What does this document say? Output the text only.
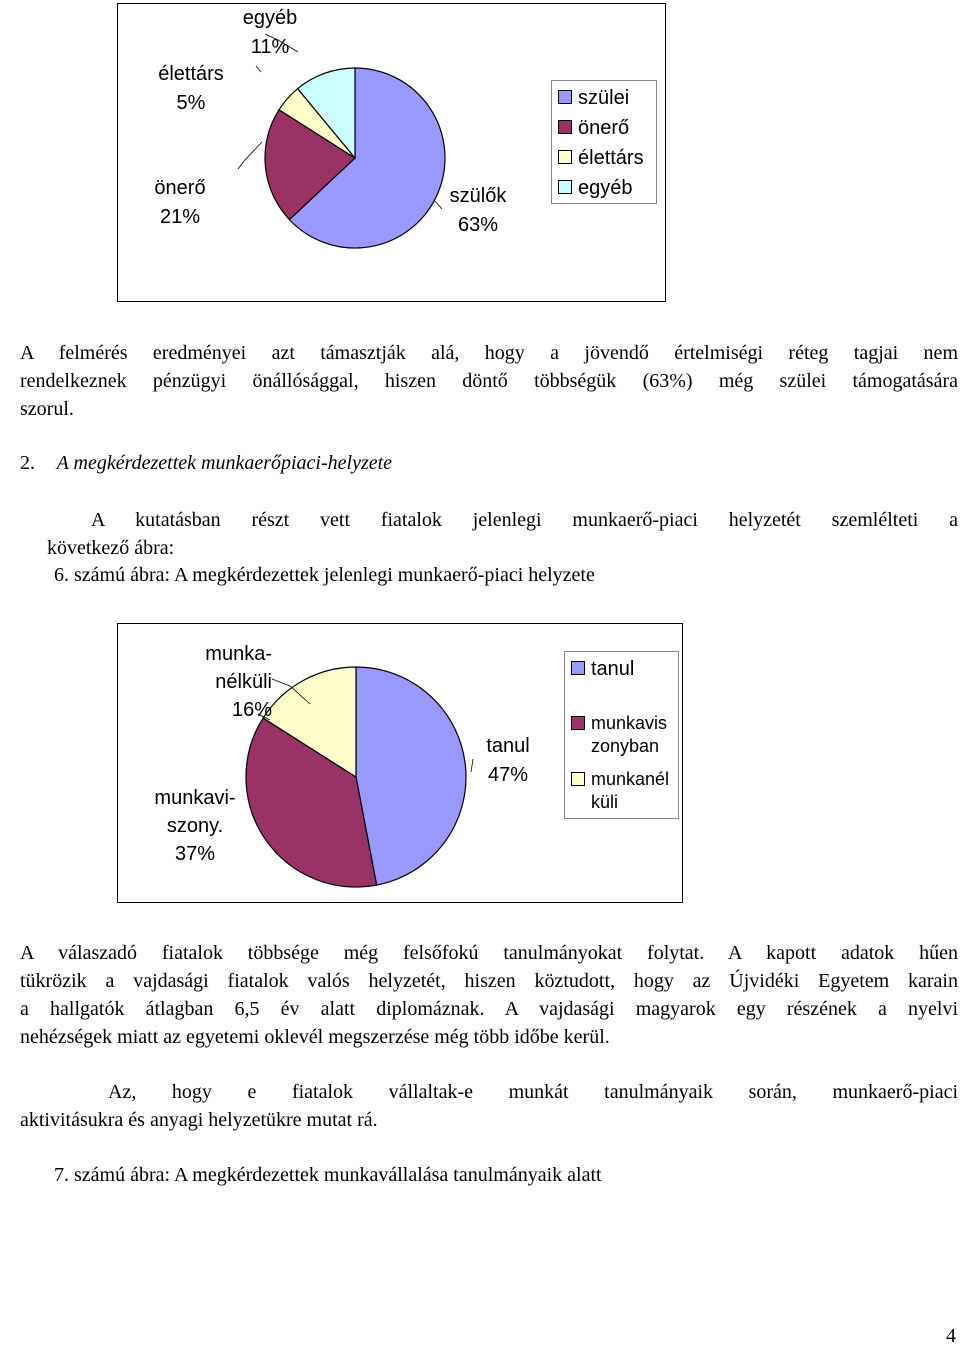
egyéb
11%
élettárs
5%
önerő
21%
szülők
63%
szülei
önerő
élettárs
egyéb
A felmérés eredményei azt támasztják alá, hogy a jövendő értelmiségi réteg tagjai nem
rendelkeznek pénzügyi önállósággal, hiszen döntő többségük (63%) még szülei támogatására
szorul.
2. A megkérdezettek munkaerőpiaci-helyzete
A kutatásban részt vett fiatalok jelenlegi munkaerő-piaci helyzetét szemlélteti a
következő ábra:
6. számú ábra: A megkérdezettek jelenlegi munkaerő-piaci helyzete
munka-
nélküli
16%
munkavi-
szony.
37%
tanul
47%
tanul
munkavis
zonyban
munkanél
küli
A válaszadó fiatalok többsége még felsőfokú tanulmányokat folytat. A kapott adatok hűen
tükrözik a vajdasági fiatalok valós helyzetét, hiszen köztudott, hogy az Újvidéki Egyetem karain
a hallgatók átlagban 6,5 év alatt diplomáznak. A vajdasági magyarok egy részének a nyelvi
nehézségek miatt az egyetemi oklevél megszerzése még több időbe kerül.
Az, hogy e fiatalok vállaltak-e munkát tanulmányaik során, munkaerő-piaci
aktivitásukra és anyagi helyzetükre mutat rá.
7. számú ábra: A megkérdezettek munkavállalása tanulmányaik alatt
4
